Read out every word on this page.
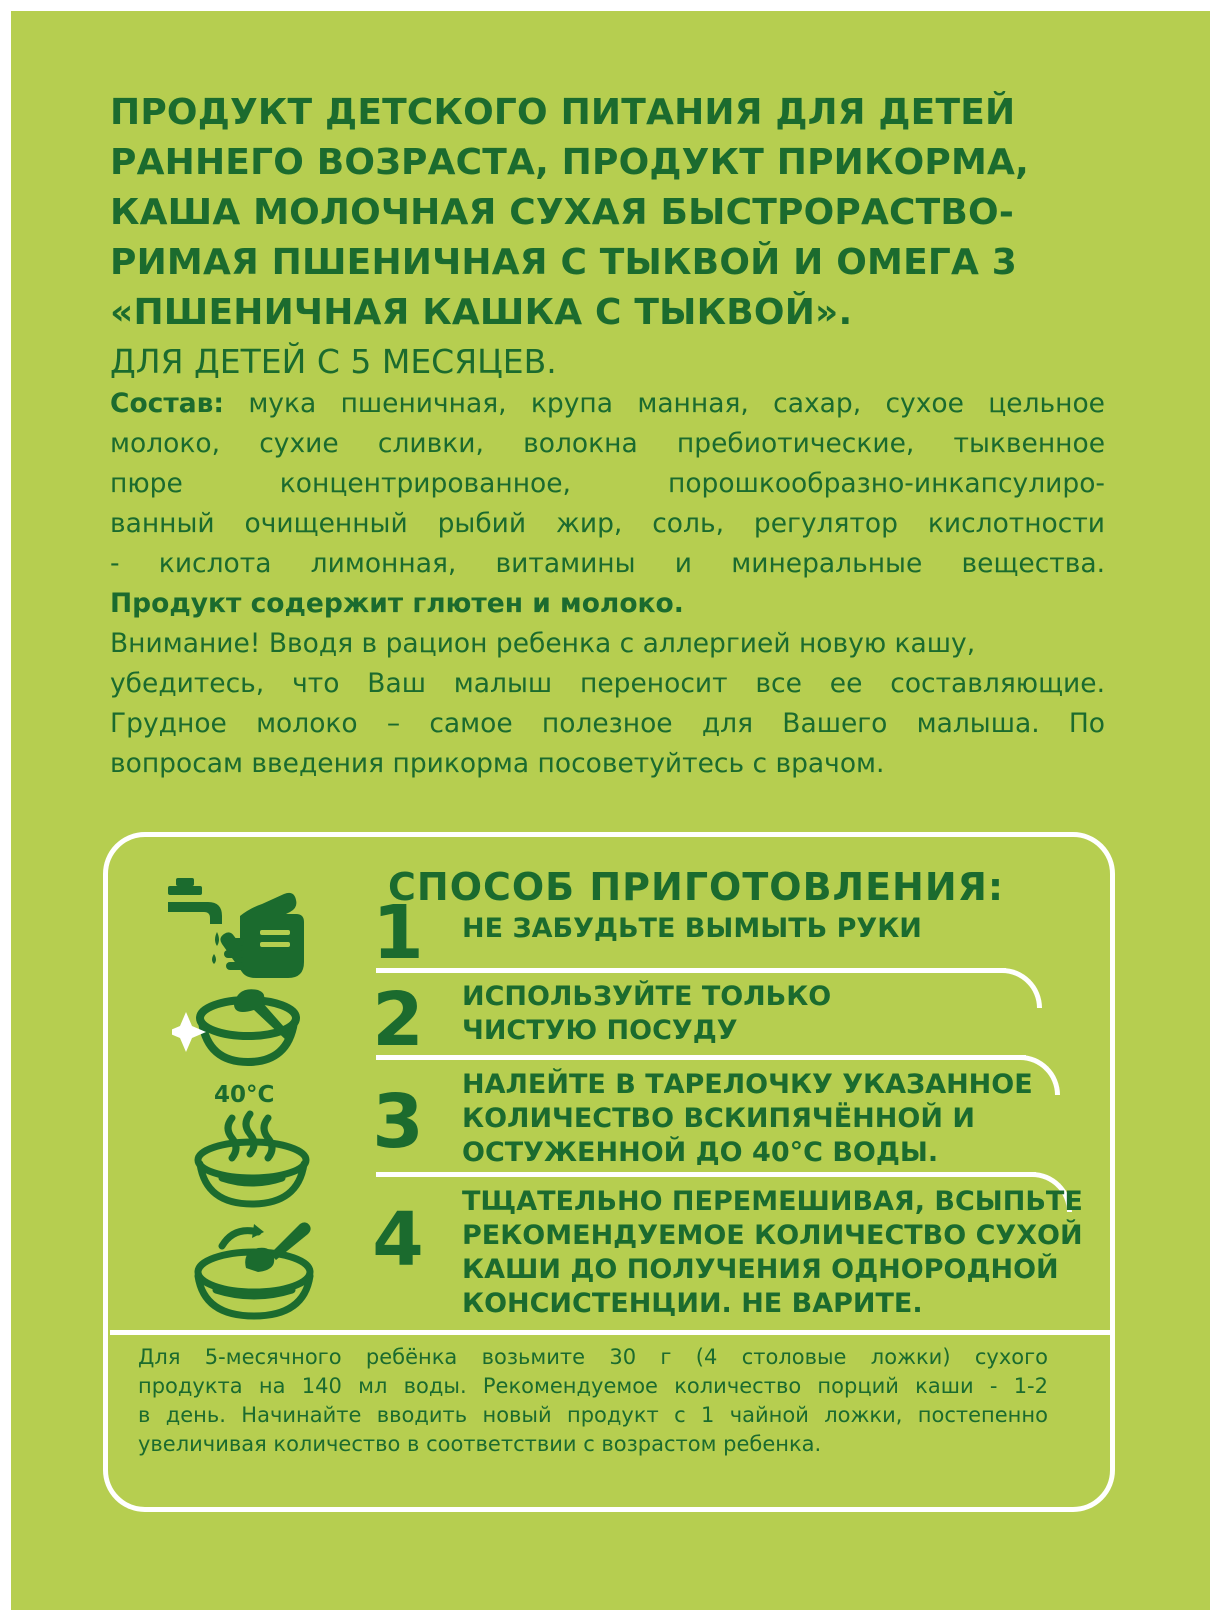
ПРОДУКТ ДЕТСКОГО ПИТАНИЯ ДЛЯ ДЕТЕЙ
РАННЕГО ВОЗРАСТА, ПРОДУКТ ПРИКОРМА,
КАША МОЛОЧНАЯ СУХАЯ БЫСТРОРАСТВО-
РИМАЯ ПШЕНИЧНАЯ С ТЫКВОЙ И ОМЕГА 3
«ПШЕНИЧНАЯ КАШКА С ТЫКВОЙ».
ДЛЯ ДЕТЕЙ С 5 МЕСЯЦЕВ.
Состав: мука пшеничная, крупа манная, сахар, сухое цельное
молоко, сухие сливки, волокна пребиотические, тыквенное
пюре концентрированное, порошкообразно-инкапсулиро-
ванный очищенный рыбий жир, соль, регулятор кислотности
- кислота лимонная, витамины и минеральные вещества.
Продукт содержит глютен и молоко.
Внимание! Вводя в рацион ребенка с аллергией новую кашу,
убедитесь, что Ваш малыш переносит все ее составляющие.
Грудное молоко – самое полезное для Вашего малыша. По
вопросам введения прикорма посоветуйтесь с врачом.
СПОСОБ ПРИГОТОВЛЕНИЯ:
1 НЕ ЗАБУДЬТЕ ВЫМЫТЬ РУКИ
2 ИСПОЛЬЗУЙТЕ ТОЛЬКО
ЧИСТУЮ ПОСУДУ
3 НАЛЕЙТЕ В ТАРЕЛОЧКУ УКАЗАННОЕ
КОЛИЧЕСТВО ВСКИПЯЧЁННОЙ И
ОСТУЖЕННОЙ ДО 40°С ВОДЫ.
4 ТЩАТЕЛЬНО ПЕРЕМЕШИВАЯ, ВСЫПЬТЕ
РЕКОМЕНДУЕМОЕ КОЛИЧЕСТВО СУХОЙ
КАШИ ДО ПОЛУЧЕНИЯ ОДНОРОДНОЙ
КОНСИСТЕНЦИИ. НЕ ВАРИТЕ.
Для 5-месячного ребёнка возьмите 30 г (4 столовые ложки) сухого
продукта на 140 мл воды. Рекомендуемое количество порций каши - 1-2
в день. Начинайте вводить новый продукт с 1 чайной ложки, постепенно
увеличивая количество в соответствии с возрастом ребенка.
40°С
